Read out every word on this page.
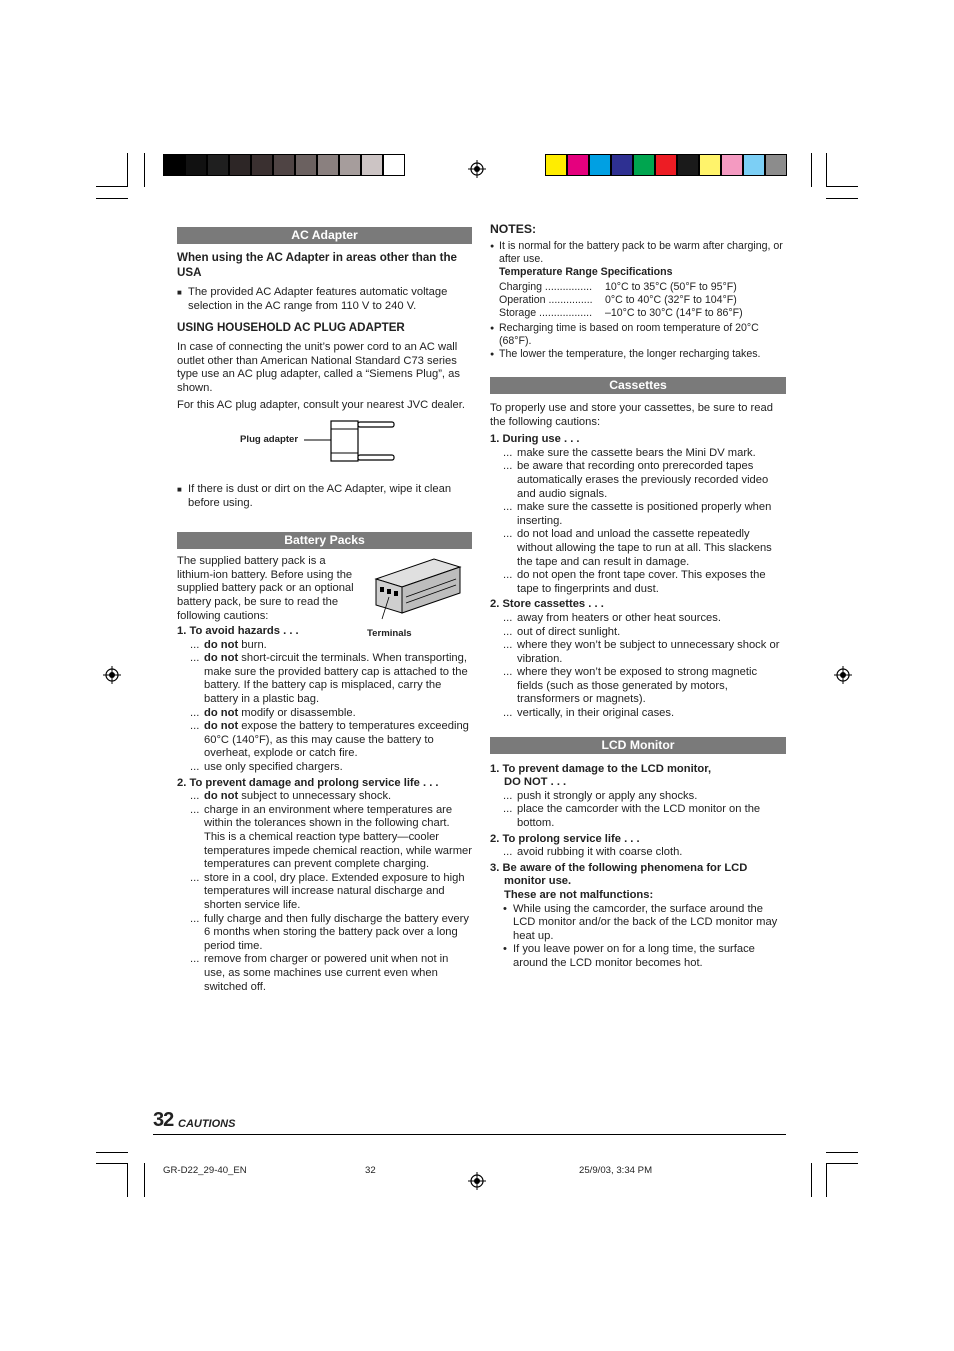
AC Adapter

When using the AC Adapter in areas other than the USA

■ The provided AC Adapter features automatic voltage selection in the AC range from 110 V to 240 V.

USING HOUSEHOLD AC PLUG ADAPTER

In case of connecting the unit’s power cord to an AC wall outlet other than American National Standard C73 series type use an AC plug adapter, called a “Siemens Plug”, as shown.

For this AC plug adapter, consult your nearest JVC dealer.

Plug adapter

■ If there is dust or dirt on the AC Adapter, wipe it clean before using.

Battery Packs

The supplied battery pack is a lithium-ion battery. Before using the supplied battery pack or an optional battery pack, be sure to read the following cautions:

Terminals

1. To avoid hazards . . .

... do not burn.

... do not short-circuit the terminals. When transporting, make sure the provided battery cap is attached to the battery. If the battery cap is misplaced, carry the battery in a plastic bag.

... do not modify or disassemble.

... do not expose the battery to temperatures exceeding 60°C (140°F), as this may cause the battery to overheat, explode or catch fire.

... use only specified chargers.

2. To prevent damage and prolong service life . . .

... do not subject to unnecessary shock.

... charge in an environment where temperatures are within the tolerances shown in the following chart. This is a chemical reaction type battery—cooler temperatures impede chemical reaction, while warmer temperatures can prevent complete charging.

... store in a cool, dry place. Extended exposure to high temperatures will increase natural discharge and shorten service life.

... fully charge and then fully discharge the battery every 6 months when storing the battery pack over a long period time.

... remove from charger or powered unit when not in use, as some machines use current even when switched off.

NOTES:

● It is normal for the battery pack to be warm after charging, or after use.

Temperature Range Specifications

Charging ................	10°C to 35°C (50°F to 95°F)
Operation ...............	0°C to 40°C (32°F to 104°F)
Storage ..................	–10°C to 30°C (14°F to 86°F)

● Recharging time is based on room temperature of 20°C (68°F).

● The lower the temperature, the longer recharging takes.

Cassettes

To properly use and store your cassettes, be sure to read the following cautions:

1. During use . . .

... make sure the cassette bears the Mini DV mark.

... be aware that recording onto prerecorded tapes automatically erases the previously recorded video and audio signals.

... make sure the cassette is positioned properly when inserting.

... do not load and unload the cassette repeatedly without allowing the tape to run at all. This slackens the tape and can result in damage.

... do not open the front tape cover. This exposes the tape to fingerprints and dust.

2. Store cassettes . . .

... away from heaters or other heat sources.

... out of direct sunlight.

... where they won’t be subject to unnecessary shock or vibration.

... where they won’t be exposed to strong magnetic fields (such as those generated by motors, transformers or magnets).

... vertically, in their original cases.

LCD Monitor

1. To prevent damage to the LCD monitor,

DO NOT . . .

... push it strongly or apply any shocks.

... place the camcorder with the LCD monitor on the bottom.

2. To prolong service life . . .

... avoid rubbing it with coarse cloth.

3. Be aware of the following phenomena for LCD monitor use.

These are not malfunctions:

• While using the camcorder, the surface around the LCD monitor and/or the back of the LCD monitor may heat up.

• If you leave power on for a long time, the surface around the LCD monitor becomes hot.

32 CAUTIONS
GR-D22_29-40_EN	32	25/9/03, 3:34 PM
